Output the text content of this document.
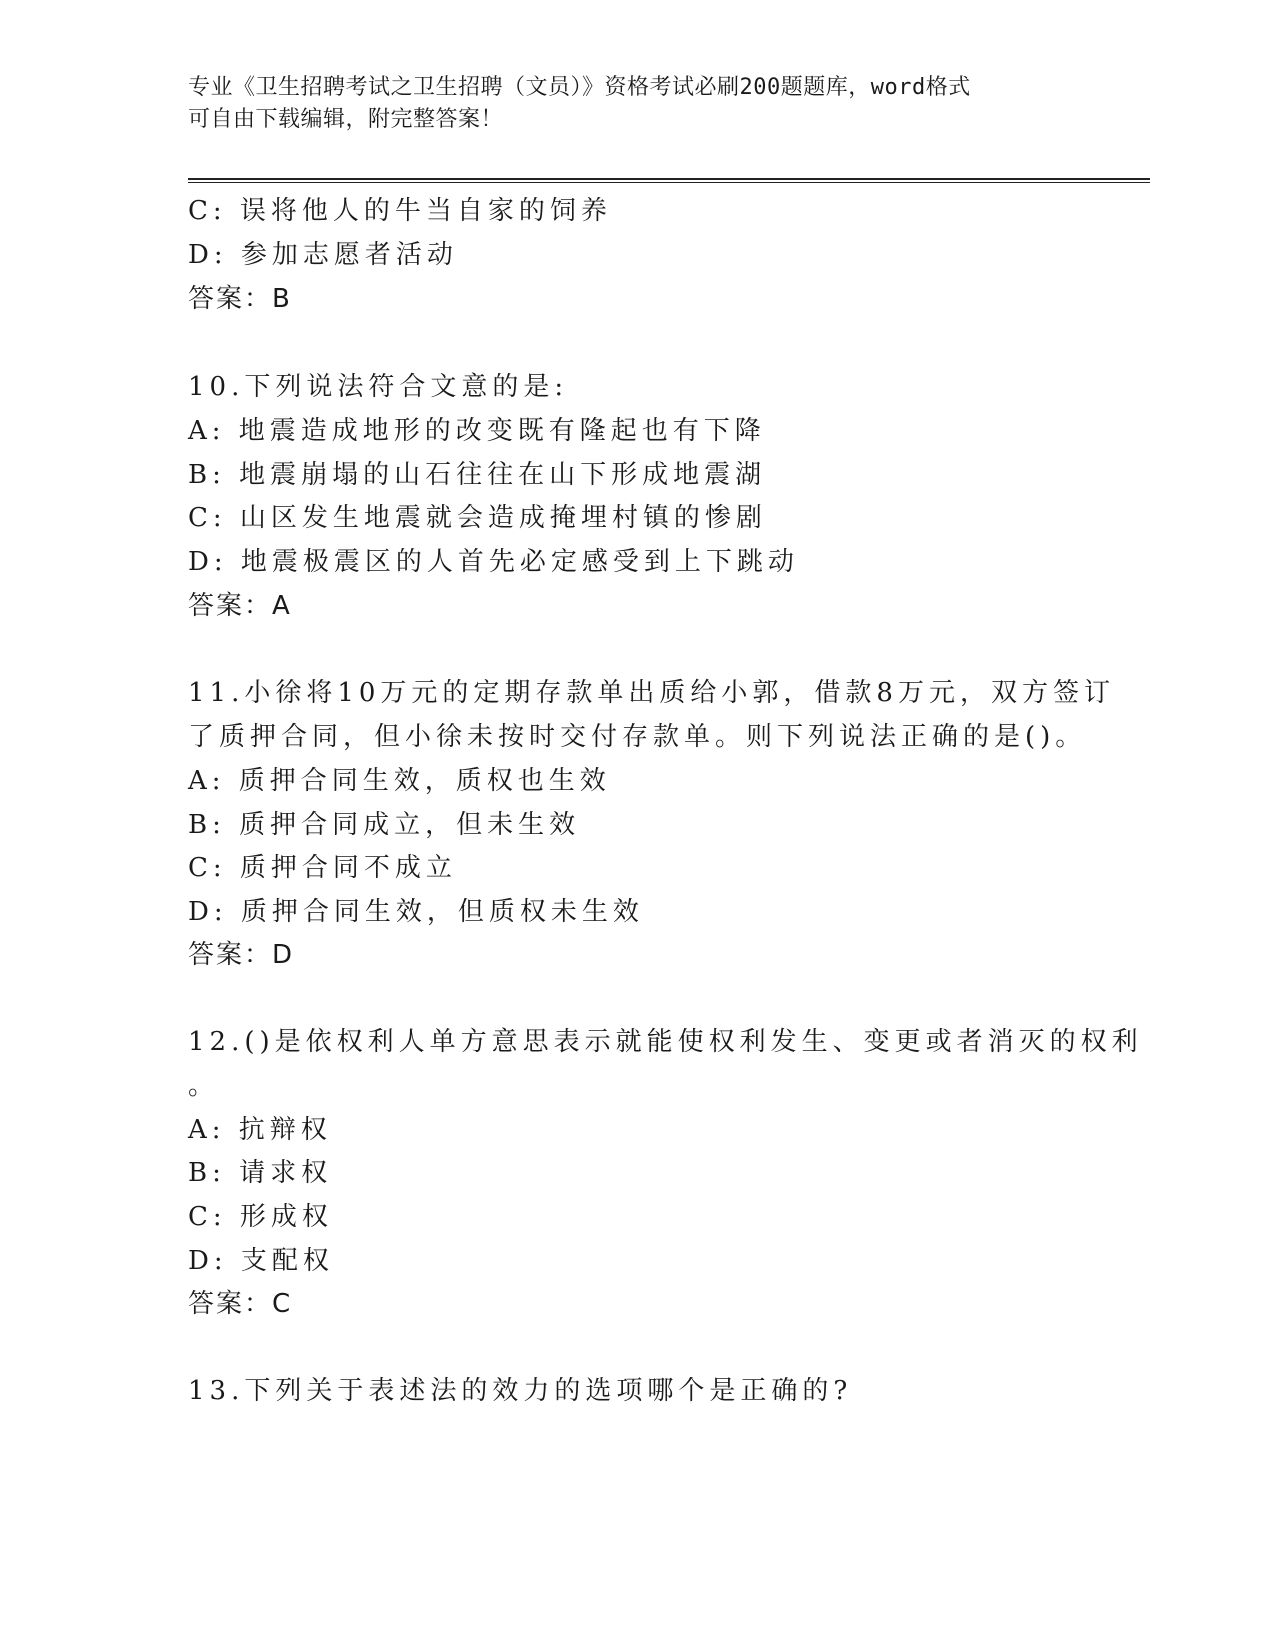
专业《卫生招聘考试之卫生招聘（文员）》资格考试必刷200题题库，word格式
可自由下载编辑，附完整答案！
C: 误将他人的牛当自家的饲养
D: 参加志愿者活动
答案：B
10.下列说法符合文意的是:
A: 地震造成地形的改变既有隆起也有下降
B: 地震崩塌的山石往往在山下形成地震湖
C: 山区发生地震就会造成掩埋村镇的惨剧
D: 地震极震区的人首先必定感受到上下跳动
答案：A
11.小徐将10万元的定期存款单出质给小郭，借款8万元，双方签订
了质押合同，但小徐未按时交付存款单。则下列说法正确的是()。
A: 质押合同生效，质权也生效
B: 质押合同成立，但未生效
C: 质押合同不成立
D: 质押合同生效，但质权未生效
答案：D
12.()是依权利人单方意思表示就能使权利发生、变更或者消灭的权利
。
A: 抗辩权
B: 请求权
C: 形成权
D: 支配权
答案：C
13.下列关于表述法的效力的选项哪个是正确的?
